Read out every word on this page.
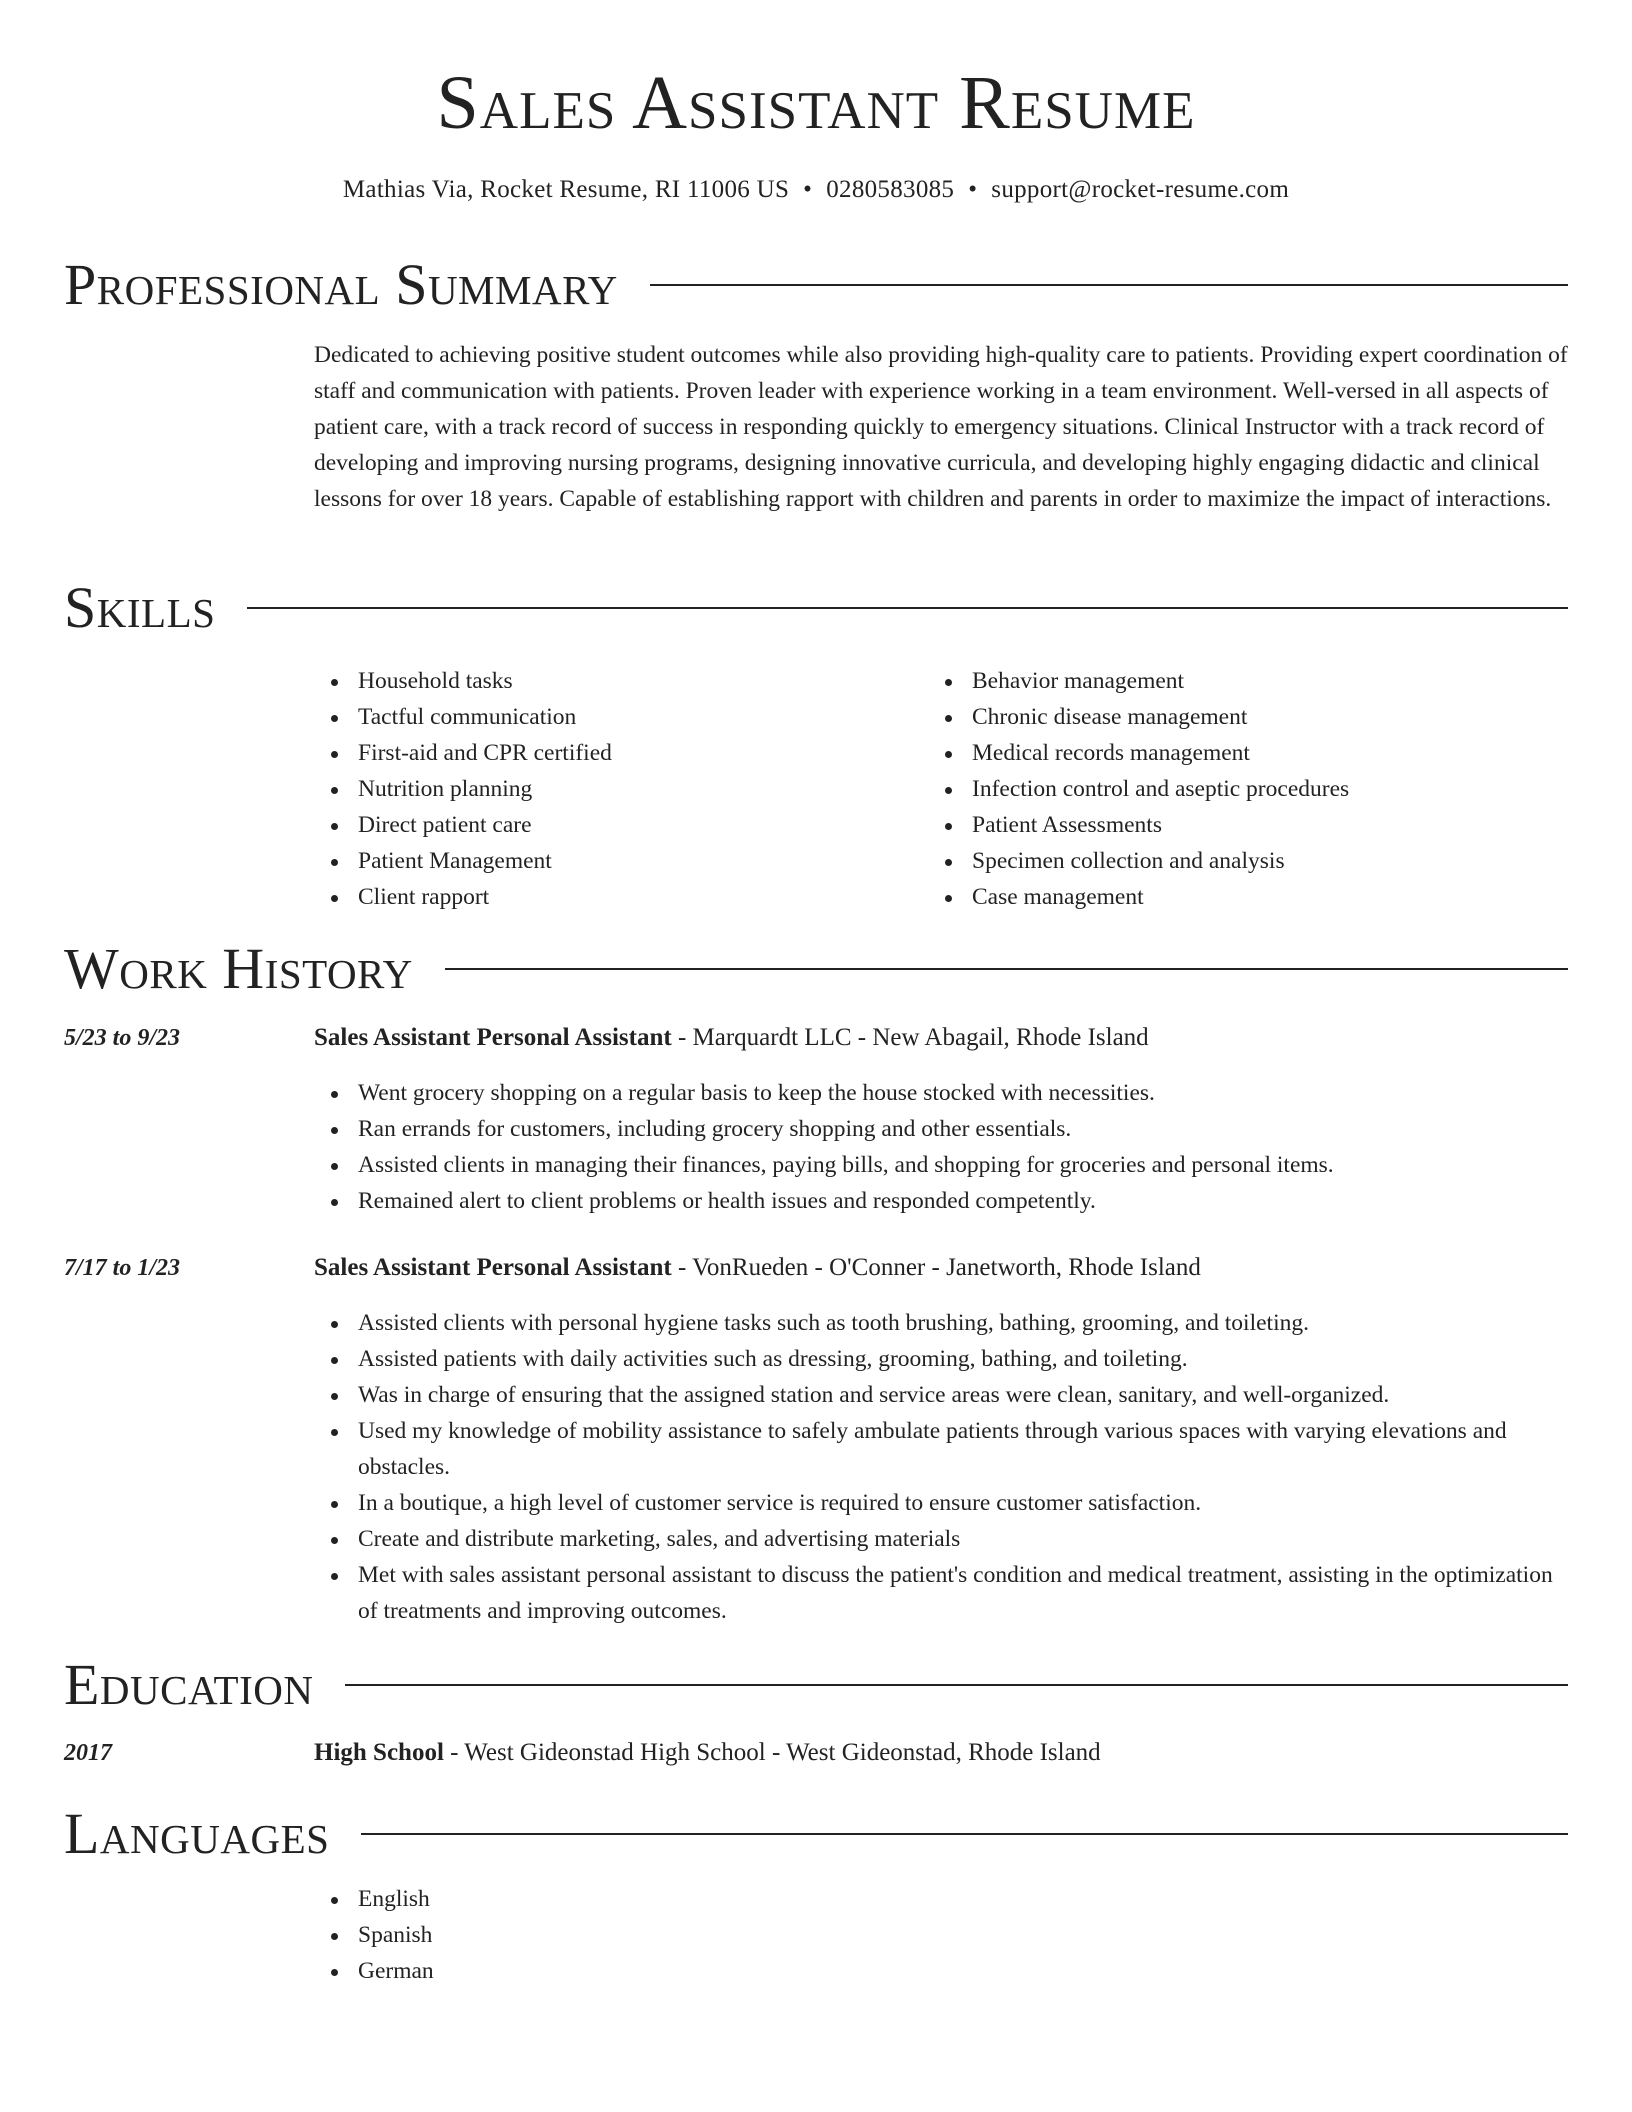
Sales Assistant Resume
Mathias Via, Rocket Resume, RI 11006 US • 0280583085 • support@rocket-resume.com
Professional Summary

Dedicated to achieving positive student outcomes while also providing high-quality care to patients. Providing expert coordination of staff and communication with patients. Proven leader with experience working in a team environment. Well-versed in all aspects of patient care, with a track record of success in responding quickly to emergency situations. Clinical Instructor with a track record of developing and improving nursing programs, designing innovative curricula, and developing highly engaging didactic and clinical lessons for over 18 years. Capable of establishing rapport with children and parents in order to maximize the impact of interactions.

Skills
Household tasks
Tactful communication
First-aid and CPR certified
Nutrition planning
Direct patient care
Patient Management
Client rapport
Behavior management
Chronic disease management
Medical records management
Infection control and aseptic procedures
Patient Assessments
Specimen collection and analysis
Case management
Work History
5/23 to 9/23	Sales Assistant Personal Assistant - Marquardt LLC - New Abagail, Rhode Island
Went grocery shopping on a regular basis to keep the house stocked with necessities.
Ran errands for customers, including grocery shopping and other essentials.
Assisted clients in managing their finances, paying bills, and shopping for groceries and personal items.
Remained alert to client problems or health issues and responded competently.
7/17 to 1/23	Sales Assistant Personal Assistant - VonRueden - O'Conner - Janetworth, Rhode Island
Assisted clients with personal hygiene tasks such as tooth brushing, bathing, grooming, and toileting.
Assisted patients with daily activities such as dressing, grooming, bathing, and toileting.
Was in charge of ensuring that the assigned station and service areas were clean, sanitary, and well-organized.
Used my knowledge of mobility assistance to safely ambulate patients through various spaces with varying elevations and obstacles.
In a boutique, a high level of customer service is required to ensure customer satisfaction.
Create and distribute marketing, sales, and advertising materials
Met with sales assistant personal assistant to discuss the patient's condition and medical treatment, assisting in the optimization of treatments and improving outcomes.
Education
2017	High School - West Gideonstad High School - West Gideonstad, Rhode Island
Languages
English
Spanish
German
